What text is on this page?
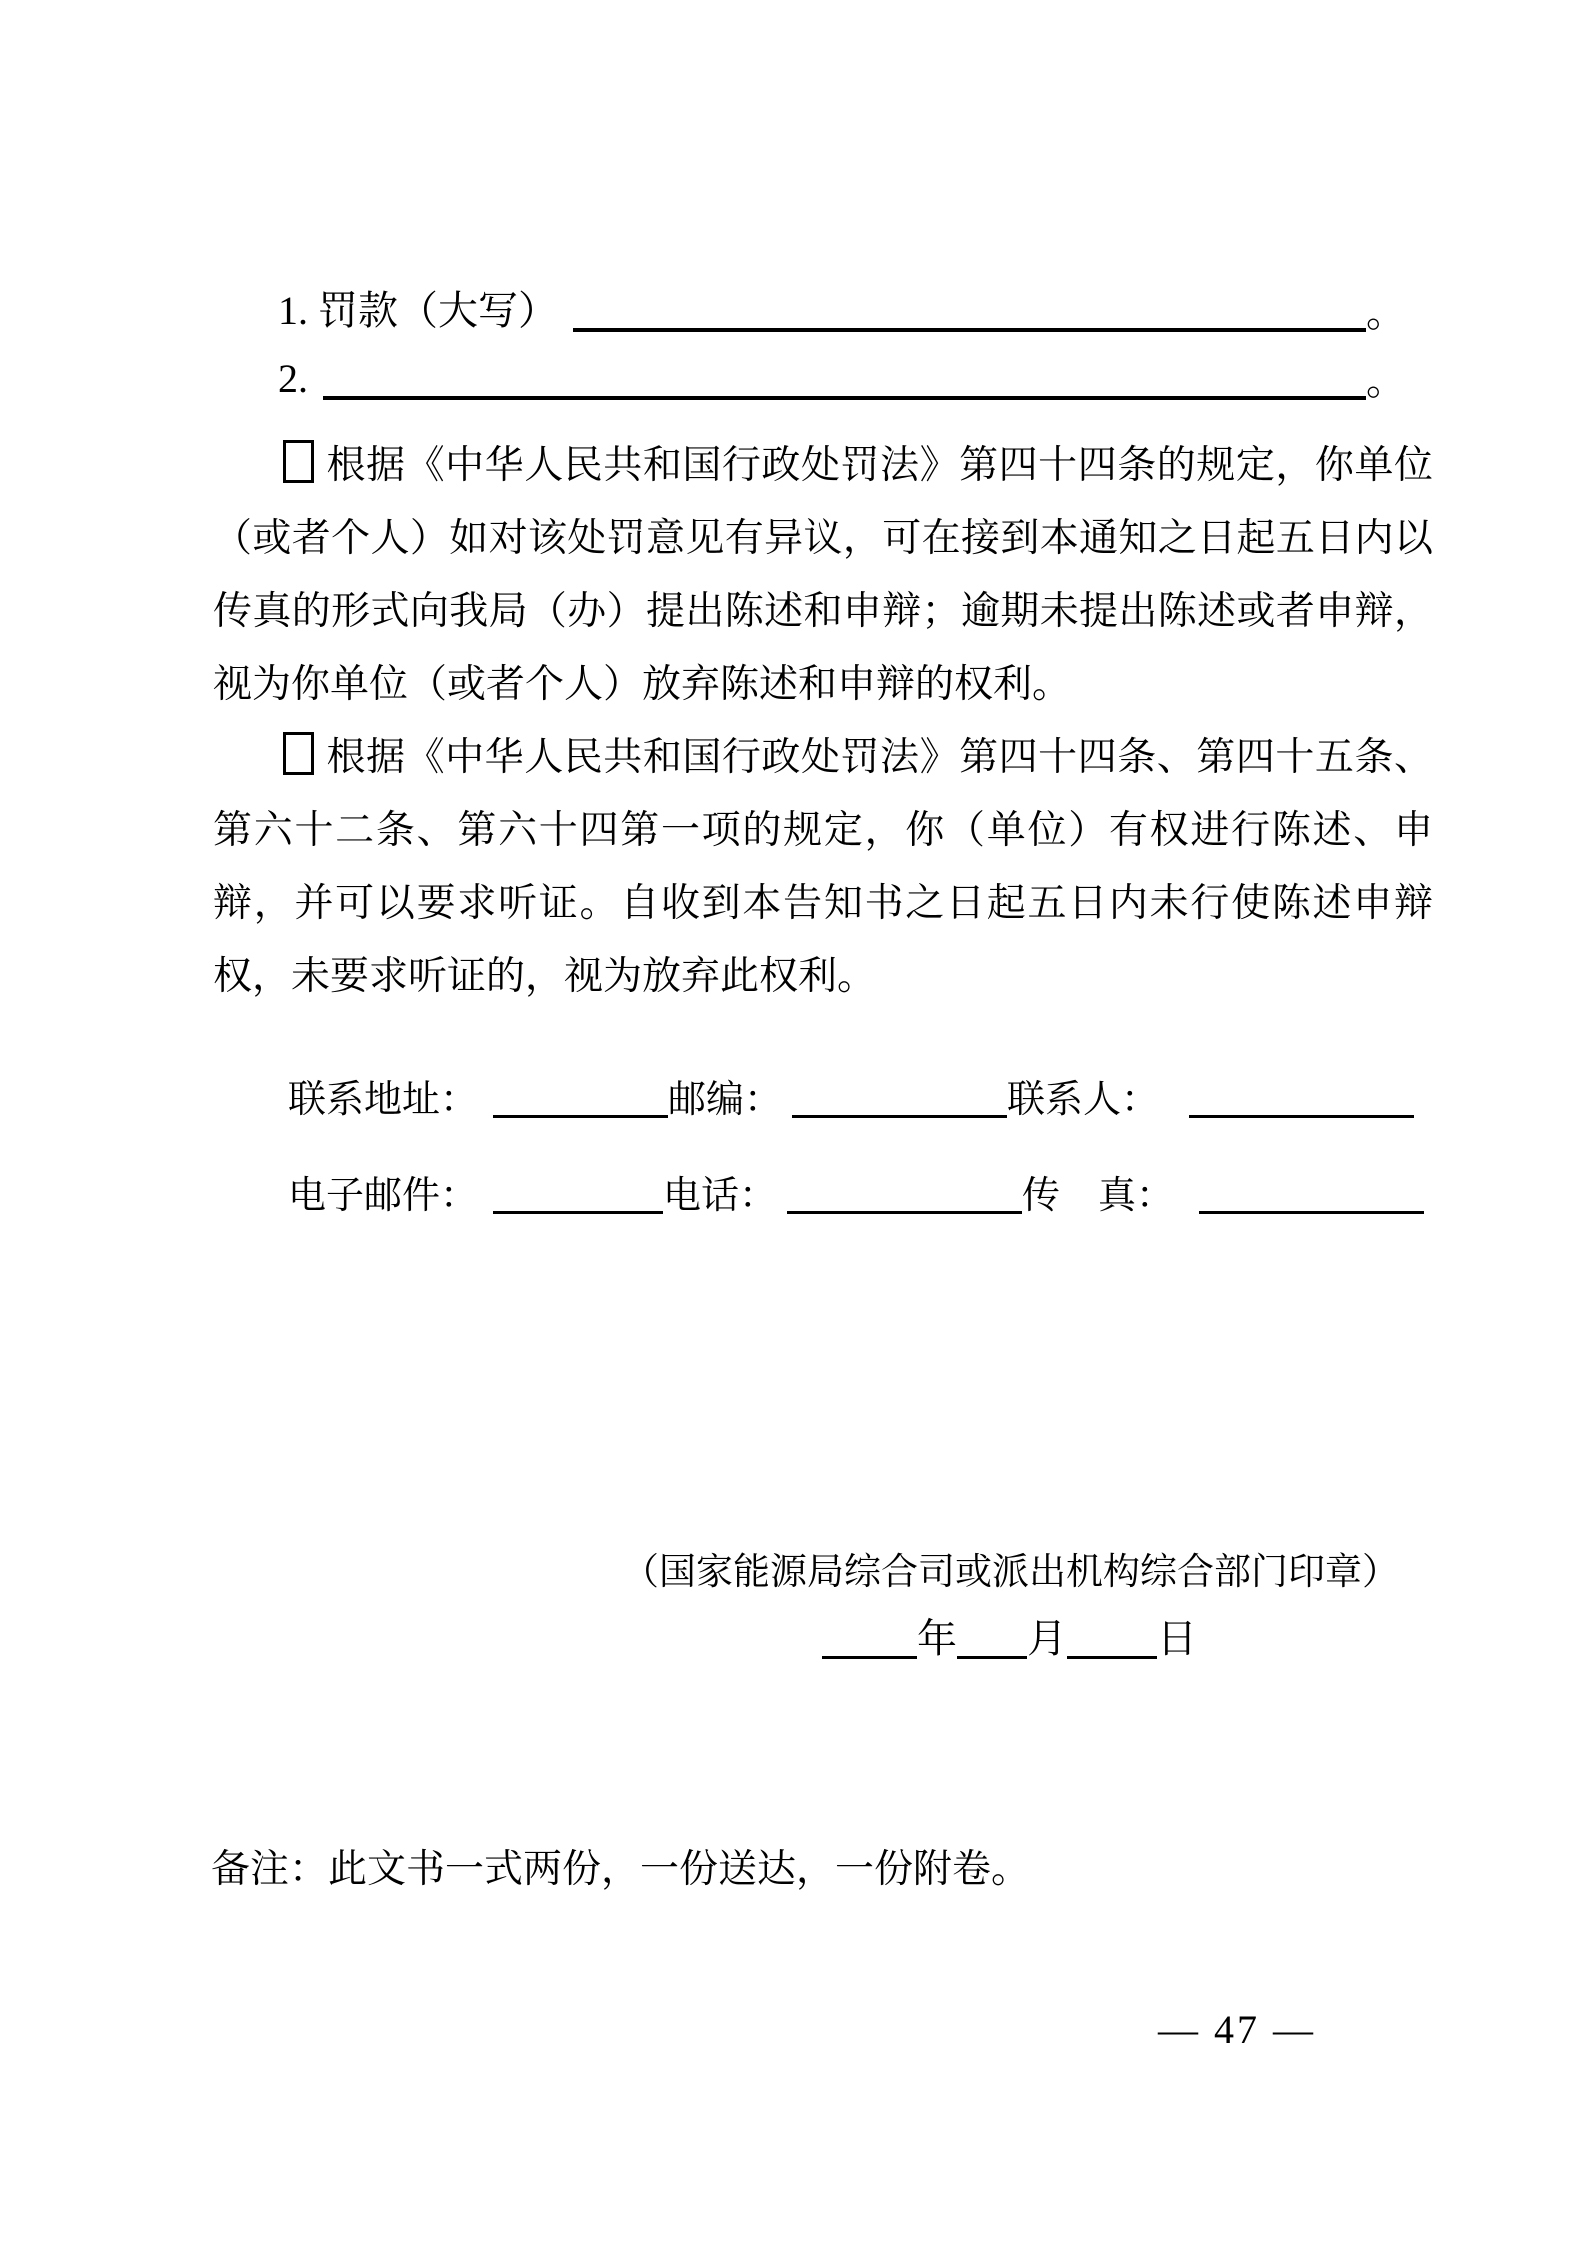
1. 罚款（大写）	。
2.	。

根据《中华人民共和国行政处罚法》第四十四条的规定，你单位（或者个人）如对该处罚意见有异议，可在接到本通知之日起五日内以传真的形式向我局（办）提出陈述和申辩；逾期未提出陈述或者申辩，视为你单位（或者个人）放弃陈述和申辩的权利。

根据《中华人民共和国行政处罚法》第四十四条、第四十五条、第六十二条、第六十四第一项的规定，你（单位）有权进行陈述、申辩，并可以要求听证。自收到本告知书之日起五日内未行使陈述申辩权，未要求听证的，视为放弃此权利。

联系地址：	邮编：	联系人：
电子邮件：	电话：	传　真：
（国家能源局综合司或派出机构综合部门印章）
年 月 日
备注：此文书一式两份，一份送达，一份附卷。
— 47 —
